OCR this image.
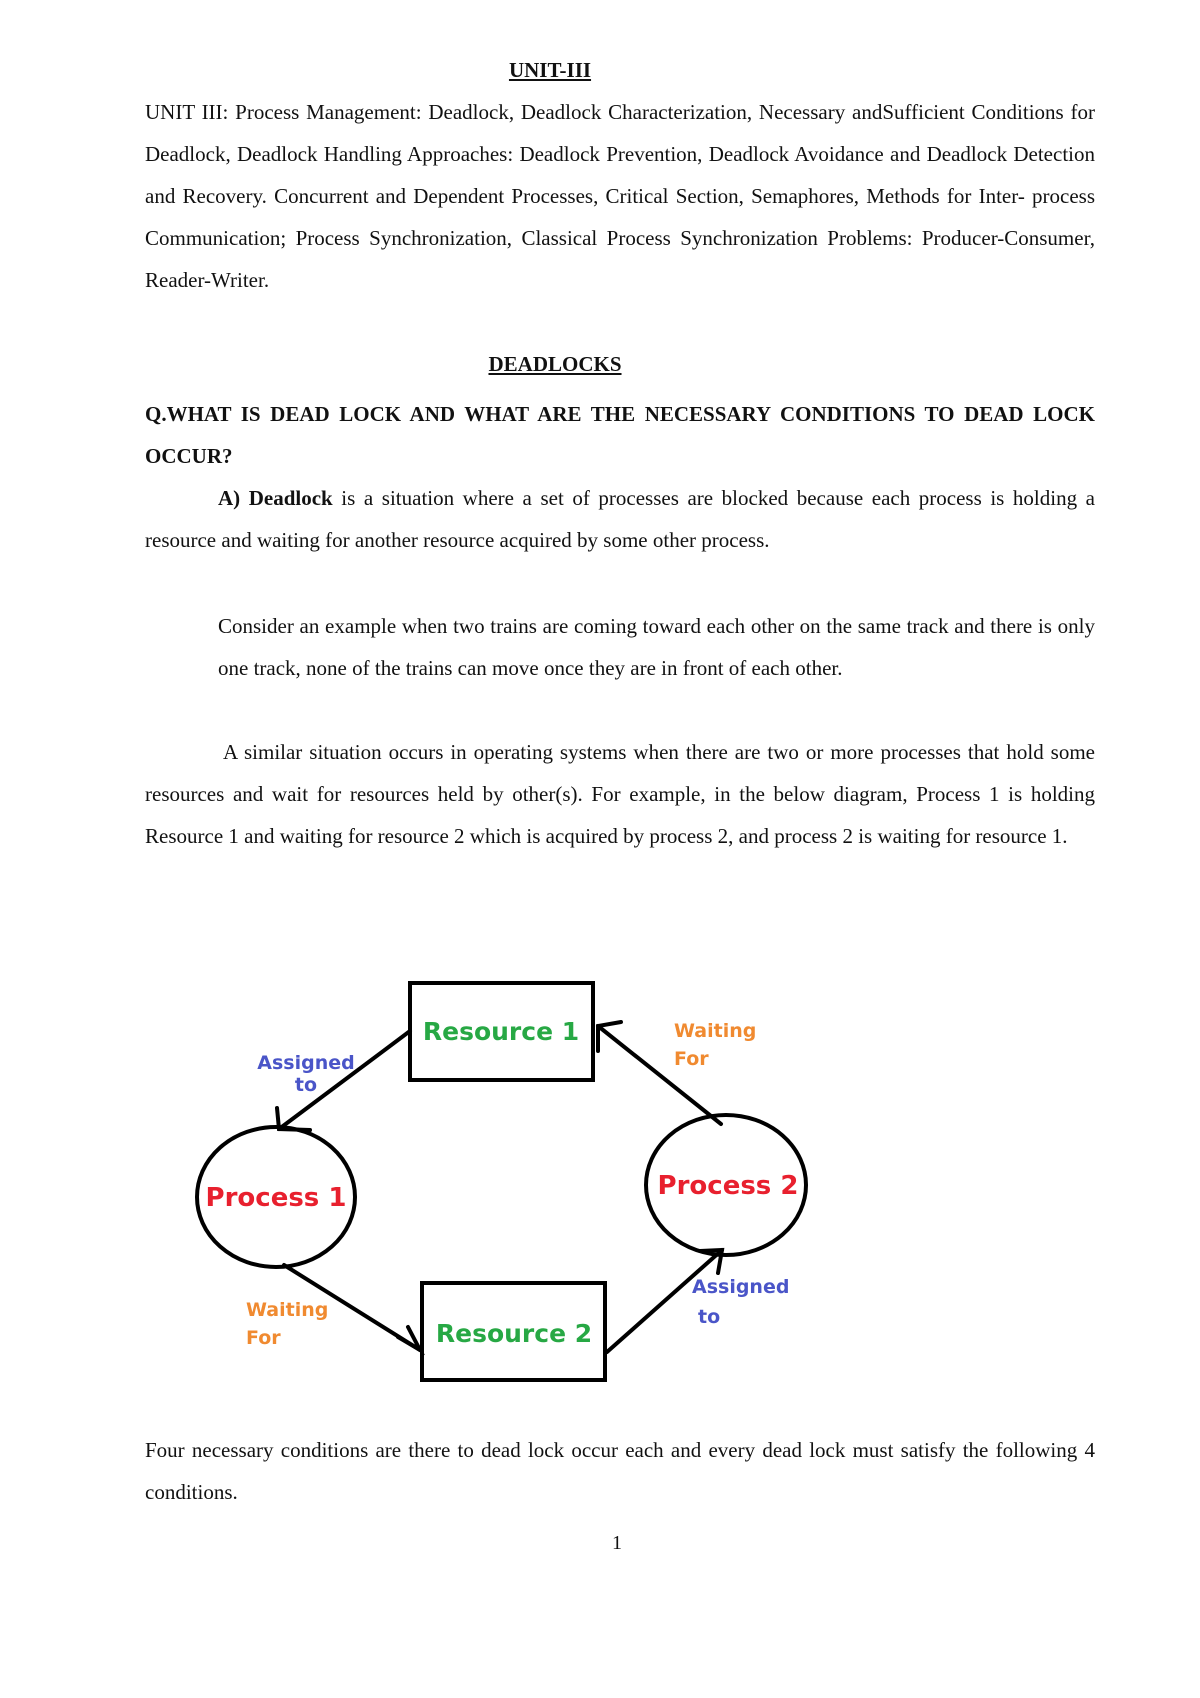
UNIT-III
UNIT III: Process Management: Deadlock, Deadlock Characterization, Necessary andSufficient Conditions for Deadlock, Deadlock Handling Approaches: Deadlock Prevention, Deadlock Avoidance and Deadlock Detection and Recovery. Concurrent and Dependent Processes, Critical Section, Semaphores, Methods for Inter- process Communication; Process Synchronization, Classical Process Synchronization Problems: Producer-Consumer, Reader-Writer.
DEADLOCKS
Q.WHAT IS DEAD LOCK AND WHAT ARE THE NECESSARY CONDITIONS TO DEAD LOCK OCCUR?
A) Deadlock is a situation where a set of processes are blocked because each process is holding a resource and waiting for another resource acquired by some other process.
Consider an example when two trains are coming toward each other on the same track and there is only one track, none of the trains can move once they are in front of each other.
A similar situation occurs in operating systems when there are two or more processes that hold some resources and wait for resources held by other(s). For example, in the below diagram, Process 1 is holding Resource 1 and waiting for resource 2 which is acquired by process 2, and process 2 is waiting for resource 1.
Resource 1
Resource 2
Process 1	Process 2
Assigned
to
Waiting
For
Waiting
For
Assigned
to
Four necessary conditions are there to dead lock occur each and every dead lock must satisfy the following 4 conditions.
1
